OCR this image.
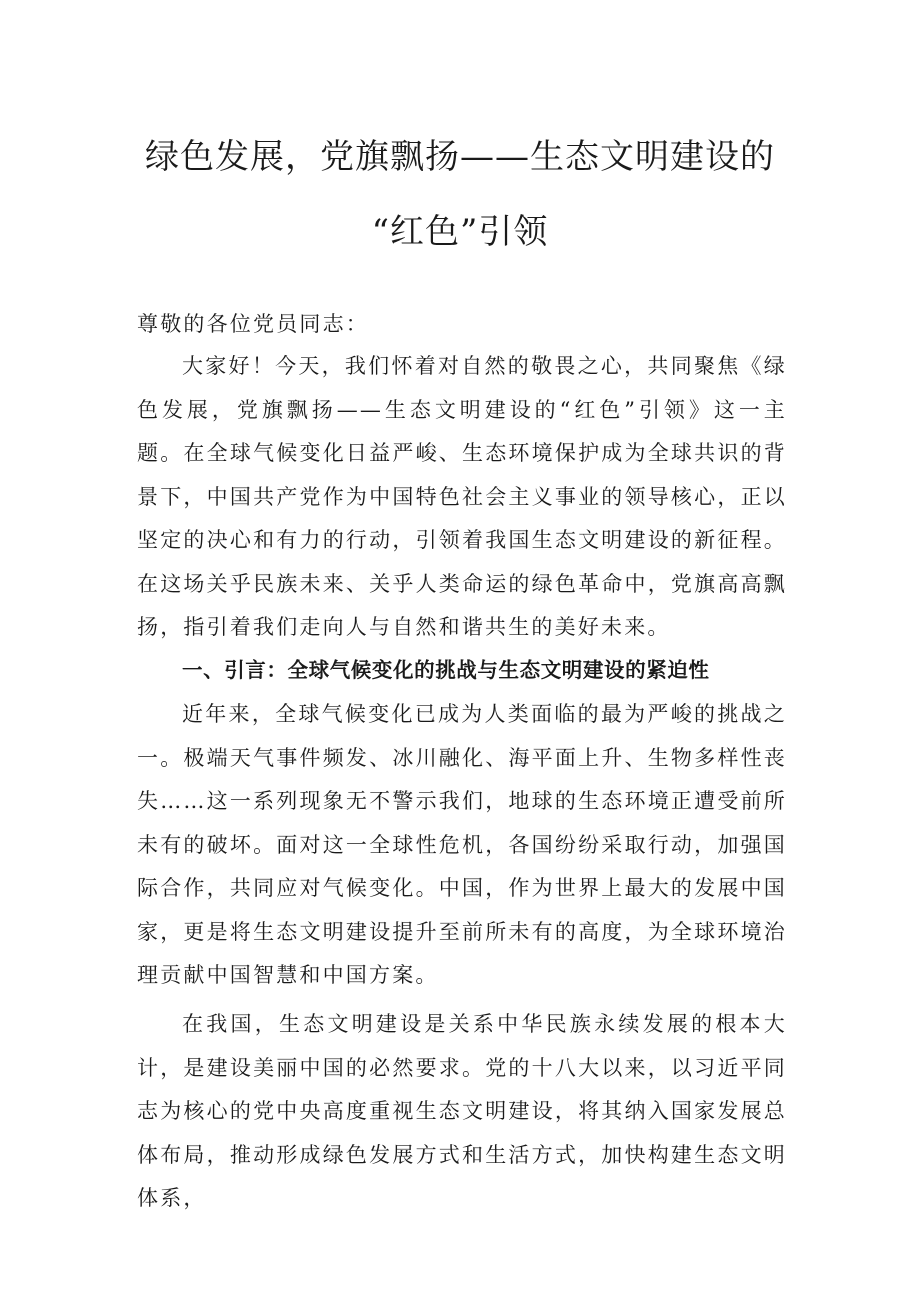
绿色发展，党旗飘扬——生态文明建设的
“红色”引领

尊敬的各位党员同志：

大家好！今天，我们怀着对自然的敬畏之心，共同聚焦《绿色发展，党旗飘扬——生态文明建设的“红色”引领》这一主题。在全球气候变化日益严峻、生态环境保护成为全球共识的背景下，中国共产党作为中国特色社会主义事业的领导核心，正以坚定的决心和有力的行动，引领着我国生态文明建设的新征程。在这场关乎民族未来、关乎人类命运的绿色革命中，党旗高高飘扬，指引着我们走向人与自然和谐共生的美好未来。

一、引言：全球气候变化的挑战与生态文明建设的紧迫性

近年来，全球气候变化已成为人类面临的最为严峻的挑战之一。极端天气事件频发、冰川融化、海平面上升、生物多样性丧失……这一系列现象无不警示我们，地球的生态环境正遭受前所未有的破坏。面对这一全球性危机，各国纷纷采取行动，加强国际合作，共同应对气候变化。中国，作为世界上最大的发展中国家，更是将生态文明建设提升至前所未有的高度，为全球环境治理贡献中国智慧和中国方案。

在我国，生态文明建设是关系中华民族永续发展的根本大计，是建设美丽中国的必然要求。党的十八大以来，以习近平同志为核心的党中央高度重视生态文明建设，将其纳入国家发展总体布局，推动形成绿色发展方式和生活方式，加快构建生态文明体系，
